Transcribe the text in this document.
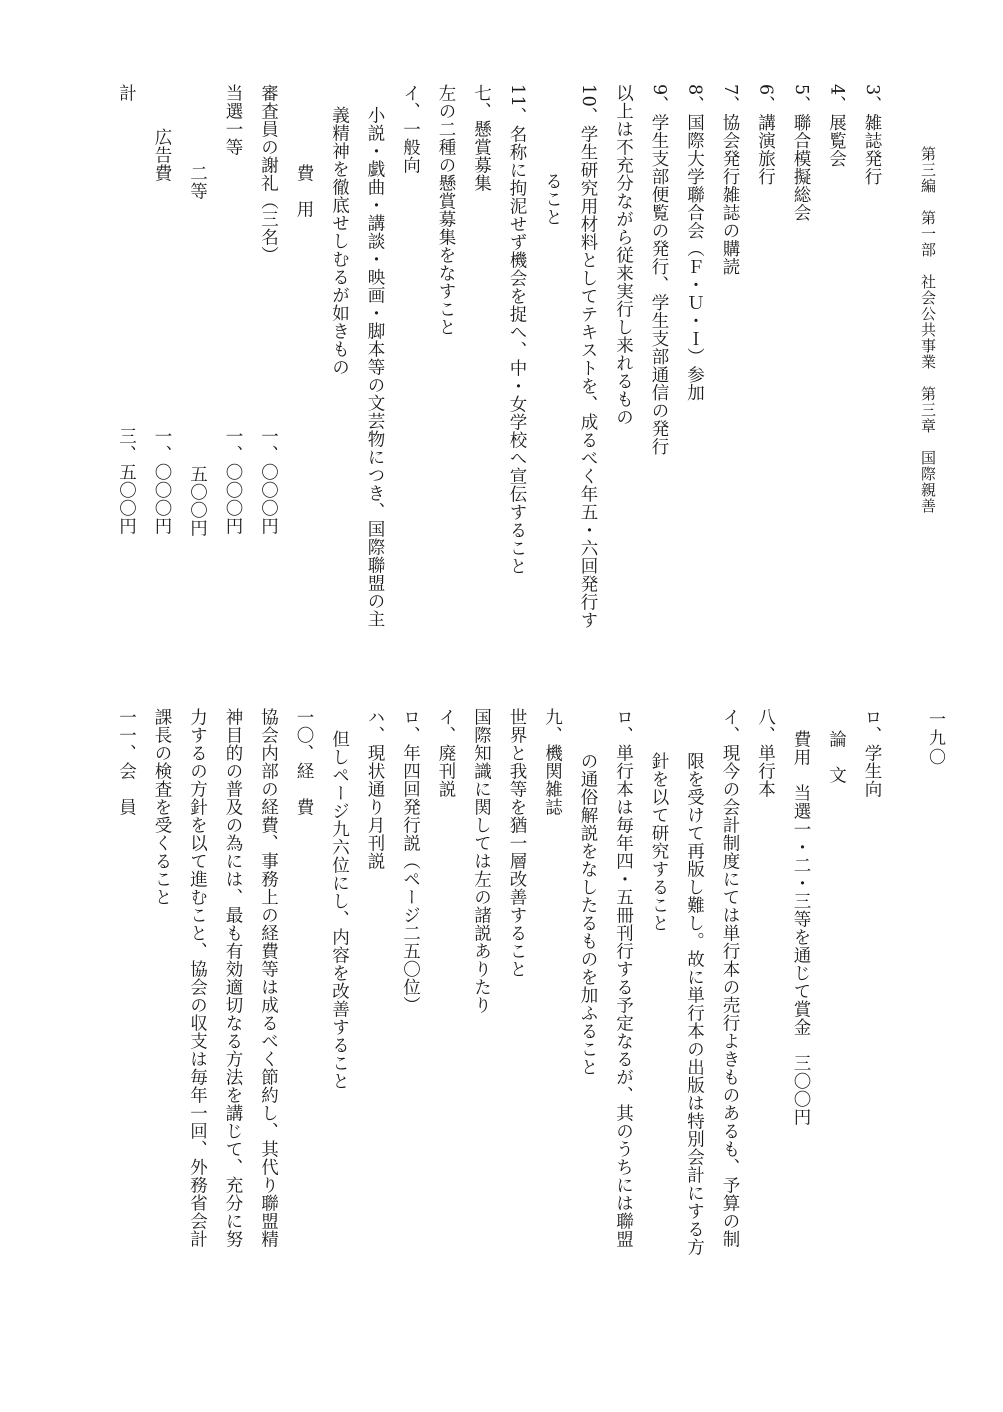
第三編　第一部　社会公共事業　第三章　国際親善
一九〇
3、雑誌発行
4、展覧会
5、聯合模擬総会
6、講演旅行
7、協会発行雑誌の購読
8、国際大学聯合会（Ｆ・Ｕ・Ｉ）参加
9、学生支部便覧の発行、学生支部通信の発行
以上は不充分ながら従来実行し来れるもの
10、学生研究用材料としてテキストを、成るべく年五・六回発行す
ること
11、名称に拘泥せず機会を捉へ、中・女学校へ宣伝すること
七、懸賞募集
左の二種の懸賞募集をなすこと
イ、一般向
小説・戯曲・講談・映画・脚本等の文芸物につき、国際聯盟の主
義精神を徹底せしむるが如きもの
費　用
審査員の謝礼（三名）
一、〇〇〇円
当選一等
一、〇〇〇円
二等
五〇〇円
広告費
一、〇〇〇円
計
三、五〇〇円
ロ、学生向
論　文
費用　当選一・二・三等を通じて賞金　三〇〇円
八、単行本
イ、現今の会計制度にては単行本の売行よきものあるも、予算の制
限を受けて再版し難し。故に単行本の出版は特別会計にする方
針を以て研究すること
ロ、単行本は毎年四・五冊刊行する予定なるが、其のうちには聯盟
の通俗解説をなしたるものを加ふること
九、機関雑誌
世界と我等を猶一層改善すること
国際知識に関しては左の諸説ありたり
イ、廃刊説
ロ、年四回発行説（ページ二五〇位）
ハ、現状通り月刊説
但しページ九六位にし、内容を改善すること
一〇、経　費
協会内部の経費、事務上の経費等は成るべく節約し、其代り聯盟精
神目的の普及の為には、最も有効適切なる方法を講じて、充分に努
力するの方針を以て進むこと、協会の収支は毎年一回、外務省会計
課長の検査を受くること
一一、会　員
